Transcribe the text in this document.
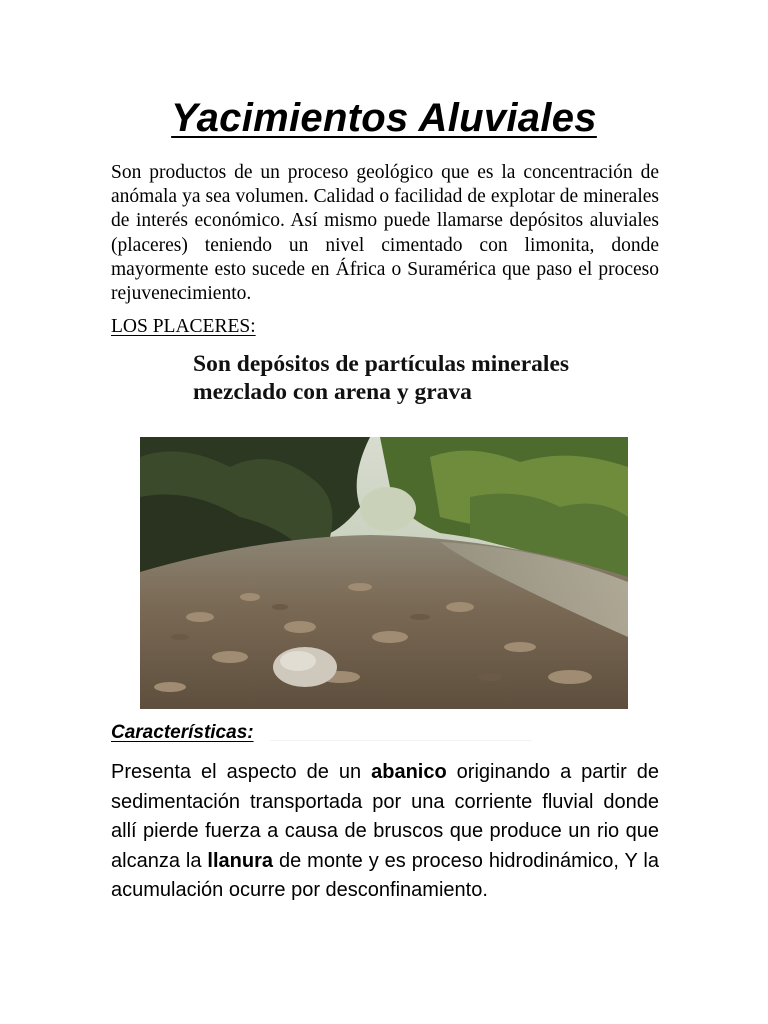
Yacimientos Aluviales

Son productos de un proceso geológico que es la concentración de anómala ya sea volumen. Calidad o facilidad de explotar de minerales de interés económico. Así mismo puede llamarse depósitos aluviales (placeres) teniendo un nivel cimentado con limonita, donde mayormente esto sucede en África o Suramérica que paso el proceso rejuvenecimiento.

LOS PLACERES:

Son depósitos de partículas minerales mezclado con arena y grava

Características:

Presenta el aspecto de un abanico originando a partir de sedimentación transportada por una corriente fluvial donde allí pierde fuerza a causa de bruscos que produce un rio que alcanza la llanura de monte y es proceso hidrodinámico, Y la acumulación ocurre por desconfinamiento.
